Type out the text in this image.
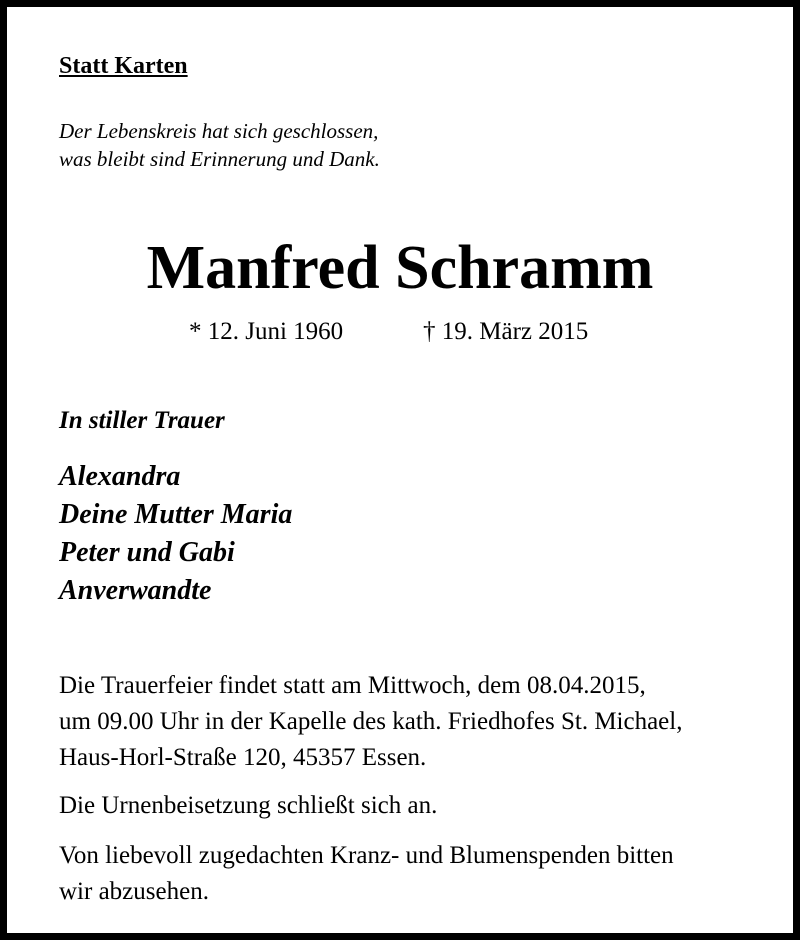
Statt Karten
Der Lebenskreis hat sich geschlossen,
was bleibt sind Erinnerung und Dank.
Manfred Schramm
* 12. Juni 1960	† 19. März 2015
In stiller Trauer
Alexandra
Deine Mutter Maria
Peter und Gabi
Anverwandte
Die Trauerfeier findet statt am Mittwoch, dem 08.04.2015,
um 09.00 Uhr in der Kapelle des kath. Friedhofes St. Michael,
Haus-Horl-Straße 120, 45357 Essen.
Die Urnenbeisetzung schließt sich an.
Von liebevoll zugedachten Kranz- und Blumenspenden bitten
wir abzusehen.
